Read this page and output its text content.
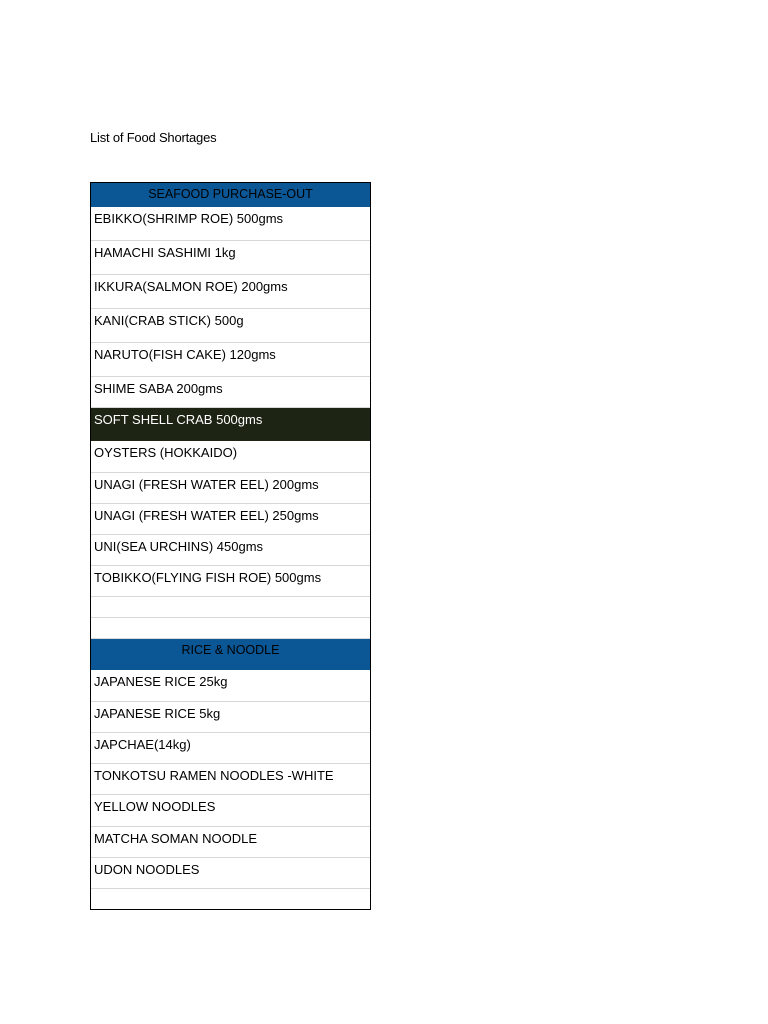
List of Food Shortages
SEAFOOD PURCHASE-OUT
EBIKKO(SHRIMP ROE) 500gms
HAMACHI SASHIMI 1kg
IKKURA(SALMON ROE) 200gms
KANI(CRAB STICK) 500g
NARUTO(FISH CAKE) 120gms
SHIME SABA 200gms
SOFT SHELL CRAB 500gms
OYSTERS (HOKKAIDO)
UNAGI (FRESH WATER EEL) 200gms
UNAGI (FRESH WATER EEL) 250gms
UNI(SEA URCHINS) 450gms
TOBIKKO(FLYING FISH ROE) 500gms
RICE & NOODLE
JAPANESE RICE 25kg
JAPANESE RICE 5kg
JAPCHAE(14kg)
TONKOTSU RAMEN NOODLES -WHITE
YELLOW NOODLES
MATCHA SOMAN NOODLE
UDON NOODLES
